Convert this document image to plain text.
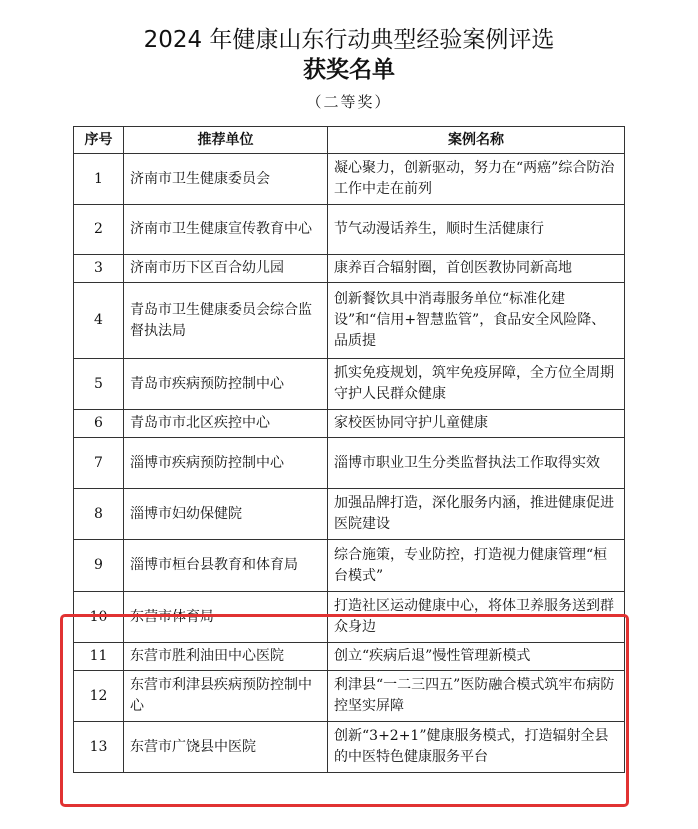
2024 年健康山东行动典型经验案例评选
获奖名单
（二等奖）
序号	推荐单位	案例名称
1	济南市卫生健康委员会	凝心聚力，创新驱动，努力在“两癌”综合防治工作中走在前列
2	济南市卫生健康宣传教育中心	节气动漫话养生，顺时生活健康行
3	济南市历下区百合幼儿园	康养百合辐射圈，首创医教协同新高地
4	青岛市卫生健康委员会综合监督执法局	创新餐饮具中消毒服务单位“标准化建设”和“信用+智慧监管”，食品安全风险降、品质提
5	青岛市疾病预防控制中心	抓实免疫规划，筑牢免疫屏障，全方位全周期守护人民群众健康
6	青岛市市北区疾控中心	家校医协同守护儿童健康
7	淄博市疾病预防控制中心	淄博市职业卫生分类监督执法工作取得实效
8	淄博市妇幼保健院	加强品牌打造，深化服务内涵，推进健康促进医院建设
9	淄博市桓台县教育和体育局	综合施策，专业防控，打造视力健康管理“桓台模式”
10	东营市体育局	打造社区运动健康中心，将体卫养服务送到群众身边
11	东营市胜利油田中心医院	创立“疾病后退”慢性管理新模式
12	东营市利津县疾病预防控制中心	利津县“一二三四五”医防融合模式筑牢布病防控坚实屏障
13	东营市广饶县中医院	创新“3+2+1”健康服务模式，打造辐射全县的中医特色健康服务平台
